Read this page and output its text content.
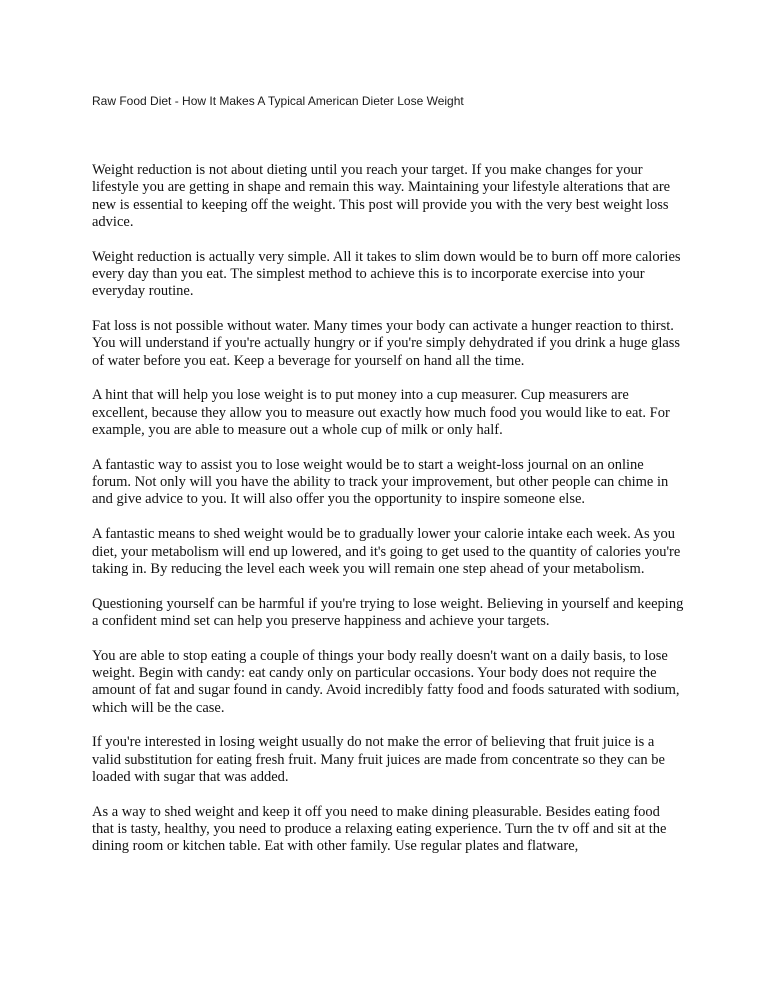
Raw Food Diet - How It Makes A Typical American Dieter Lose Weight

Weight reduction is not about dieting until you reach your target. If you make changes for your lifestyle you are getting in shape and remain this way. Maintaining your lifestyle alterations that are new is essential to keeping off the weight. This post will provide you with the very best weight loss advice.

Weight reduction is actually very simple. All it takes to slim down would be to burn off more calories every day than you eat. The simplest method to achieve this is to incorporate exercise into your everyday routine.

Fat loss is not possible without water. Many times your body can activate a hunger reaction to thirst. You will understand if you're actually hungry or if you're simply dehydrated if you drink a huge glass of water before you eat. Keep a beverage for yourself on hand all the time.

A hint that will help you lose weight is to put money into a cup measurer. Cup measurers are excellent, because they allow you to measure out exactly how much food you would like to eat. For example, you are able to measure out a whole cup of milk or only half.

A fantastic way to assist you to lose weight would be to start a weight-loss journal on an online forum. Not only will you have the ability to track your improvement, but other people can chime in and give advice to you. It will also offer you the opportunity to inspire someone else.

A fantastic means to shed weight would be to gradually lower your calorie intake each week. As you diet, your metabolism will end up lowered, and it's going to get used to the quantity of calories you're taking in. By reducing the level each week you will remain one step ahead of your metabolism.

Questioning yourself can be harmful if you're trying to lose weight. Believing in yourself and keeping a confident mind set can help you preserve happiness and achieve your targets.

You are able to stop eating a couple of things your body really doesn't want on a daily basis, to lose weight. Begin with candy: eat candy only on particular occasions. Your body does not require the amount of fat and sugar found in candy. Avoid incredibly fatty food and foods saturated with sodium, which will be the case.

If you're interested in losing weight usually do not make the error of believing that fruit juice is a valid substitution for eating fresh fruit. Many fruit juices are made from concentrate so they can be loaded with sugar that was added.

As a way to shed weight and keep it off you need to make dining pleasurable. Besides eating food that is tasty, healthy, you need to produce a relaxing eating experience. Turn the tv off and sit at the dining room or kitchen table. Eat with other family. Use regular plates and flatware,
